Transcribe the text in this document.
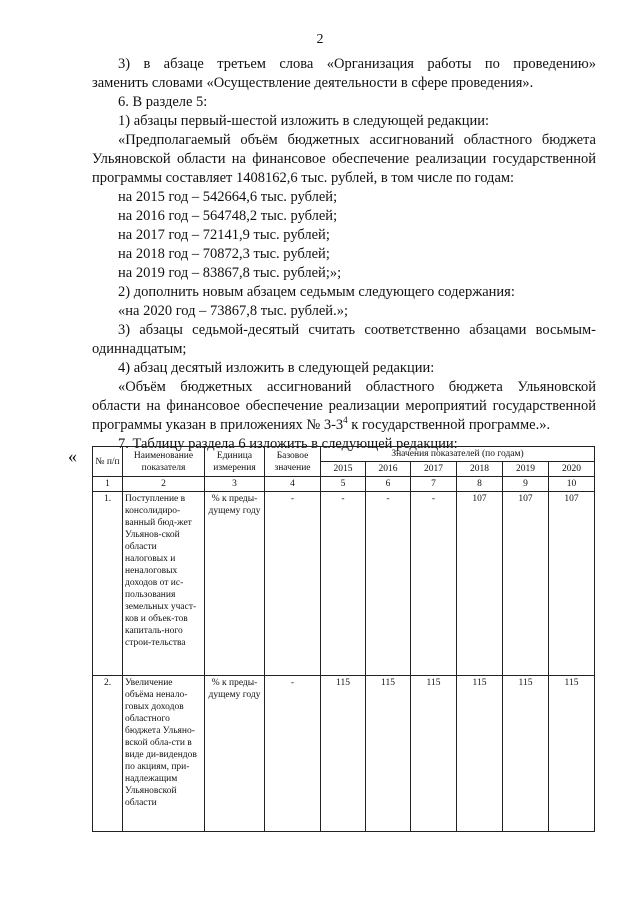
2
3) в абзаце третьем слова «Организация работы по проведению»
заменить словами «Осуществление деятельности в сфере проведения».
6. В разделе 5:
1) абзацы первый-шестой изложить в следующей редакции:
«Предполагаемый объём бюджетных ассигнований областного бюджета
Ульяновской области на финансовое обеспечение реализации государственной
программы составляет 1408162,6 тыс. рублей, в том числе по годам:
на 2015 год – 542664,6 тыс. рублей;
на 2016 год – 564748,2 тыс. рублей;
на 2017 год – 72141,9 тыс. рублей;
на 2018 год – 70872,3 тыс. рублей;
на 2019 год – 83867,8 тыс. рублей;»;
2) дополнить новым абзацем седьмым следующего содержания:
«на 2020 год – 73867,8 тыс. рублей.»;
3) абзацы седьмой-десятый считать соответственно абзацами восьмым-
одиннадцатым;
4) абзац десятый изложить в следующей редакции:
«Объём бюджетных ассигнований областного бюджета Ульяновской
области на финансовое обеспечение реализации мероприятий государственной
программы указан в приложениях № $3-3^4$ к государственной программе.».
7. Таблицу раздела 6 изложить в следующей редакции:
« № п/п	Наименование показателя	Единица измерения	Базовое значение	Значения показателей (по годам)					
				2015	2016	2017	2018	2019	2020
1	2	3	4	5	6	7	8	9	10
1.	Поступление в консолидиро-ванный бюд-жет Ульянов-ской области налоговых и неналоговых доходов от ис-пользования земельных участ-ков и объек-тов капиталь-ного строи-тельства	% к преды-дущему году	-	-	-	-	107	107	107
2.	Увеличение объёма ненало-говых доходов областного бюджета Ульяно-вской обла-сти в виде ди-видендов по акциям, при-надлежащим Ульяновской области	% к преды-дущему году	-	115	115	115	115	115	115
